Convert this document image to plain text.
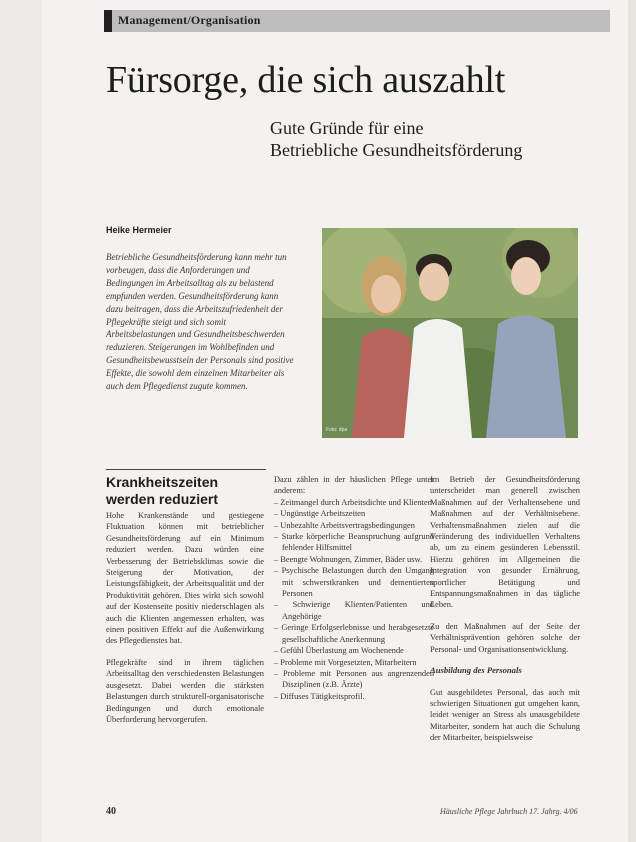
Management/Organisation
Fürsorge, die sich auszahlt
Gute Gründe für eine
Betriebliche Gesundheitsförderung
Heike Hermeier

Betriebliche Gesundheitsförderung kann mehr tun vorbeugen, dass die Anforderungen und Bedingungen im Arbeitsalltag als zu belastend empfunden werden. Gesundheitsförderung kann dazu beitragen, dass die Arbeitszufriedenheit der Pflegekräfte steigt und sich somit Arbeitsbelastungen und Gesundheitsbeschwerden reduzieren. Steigerungen im Wohlbefinden und Gesundheitsbewusstsein der Personals sind positive Effekte, die sowohl dem einzelnen Mitarbeiter als auch dem Pflegedienst zugute kommen.

Foto: dpa
Krankheitszeiten werden reduziert

Hohe Krankenstände und gestiegene Fluktuation können mit betrieblicher Gesundheitsförderung auf ein Minimum reduziert werden. Dazu würden eine Verbesserung der Betriebsklimas sowie die Steigerung der Motivation, der Leistungsfähigkeit, der Arbeitsqualität und der Produktivität gehören. Dies wirkt sich sowohl auf der Kostenseite positiv niederschlagen als auch die Klienten angemessen erhalten, was einen positiven Effekt auf die Außenwirkung des Pflegedienstes hat.

Pflegekräfte sind in ihrem täglichen Arbeitsalltag den verschiedensten Belastungen ausgesetzt. Dabei werden die stärksten Belastungen durch strukturell-organisatorische Bedingungen und durch emotionale Überforderung hervorgerufen.

Dazu zählen in der häuslichen Pflege unter anderem:

– Zeitmangel durch Arbeitsdichte und Klienten
– Ungünstige Arbeitszeiten
– Unbezahlte Arbeitsvertragsbedingungen
– Starke körperliche Beanspruchung aufgrund fehlender Hilfsmittel
– Beengte Wohnungen, Zimmer, Bäder usw.
– Psychische Belastungen durch den Umgang mit schwerstkranken und dementierten Personen
– Schwierige Klienten/Patienten und Angehörige
– Geringe Erfolgserlebnisse und herabgesetzte gesellschaftliche Anerkennung
– Gefühl Überlastung am Wochenende
– Probleme mit Vorgesetzten, Mitarbeitern
– Probleme mit Personen aus angrenzenden Disziplinen (z.B. Ärzte)
– Diffuses Tätigkeitsprofil.

Im Betrieb der Gesundheitsförderung unterscheidet man generell zwischen Maßnahmen auf der Verhaltensebene und Maßnahmen auf der Verhältnisebene. Verhaltensmaßnahmen zielen auf die Veränderung des individuellen Verhaltens ab, um zu einem gesünderen Lebensstil. Hierzu gehören im Allgemeinen die Integration von gesunder Ernährung, sportlicher Betätigung und Entspannungsmaßnahmen in das tägliche Leben.

Zu den Maßnahmen auf der Seite der Verhältnisprävention gehören solche der Personal- und Organisationsentwicklung.

Ausbildung des Personals

Gut ausgebildetes Personal, das auch mit schwierigen Situationen gut umgehen kann, leidet weniger an Stress als unausgebildete Mitarbeiter, sondern hat auch die Schulung der Mitarbeiter, beispielsweise

40	Häusliche Pflege Jahrbuch 17. Jahrg. 4/06
